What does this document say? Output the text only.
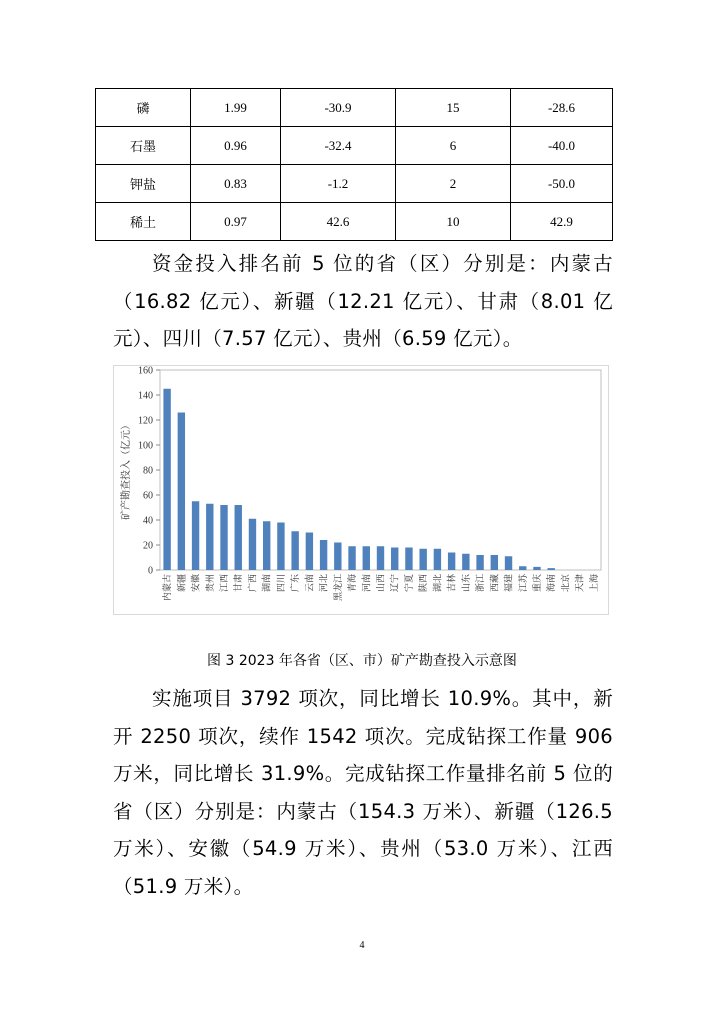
磷	1.99	-30.9	15	-28.6
石墨	0.96	-32.4	6	-40.0
钾盐	0.83	-1.2	2	-50.0
稀土	0.97	42.6	10	42.9

资金投入排名前 5 位的省（区）分别是：内蒙古（16.82 亿元）、新疆（12.21 亿元）、甘肃（8.01 亿元）、四川（7.57 亿元）、贵州（6.59 亿元）。

0
20
40
60
80
100
120
140
160
矿产勘查投入（亿元）
内蒙古 新疆 安徽 贵州 江西 甘肃 广西 湖南 四川 广东 云南 河北 黑龙江 青海 河南 山西 辽宁 宁夏 陕西 湖北 吉林 山东 浙江 西藏 福建 江苏 重庆 海南 北京 天津 上海
图 3 2023 年各省（区、市）矿产勘查投入示意图

实施项目 3792 项次，同比增长 10.9%。其中，新开 2250 项次，续作 1542 项次。完成钻探工作量 906 万米，同比增长 31.9%。完成钻探工作量排名前 5 位的省（区）分别是：内蒙古（154.3 万米）、新疆（126.5 万米）、安徽（54.9 万米）、贵州（53.0 万米）、江西（51.9 万米）。

4
